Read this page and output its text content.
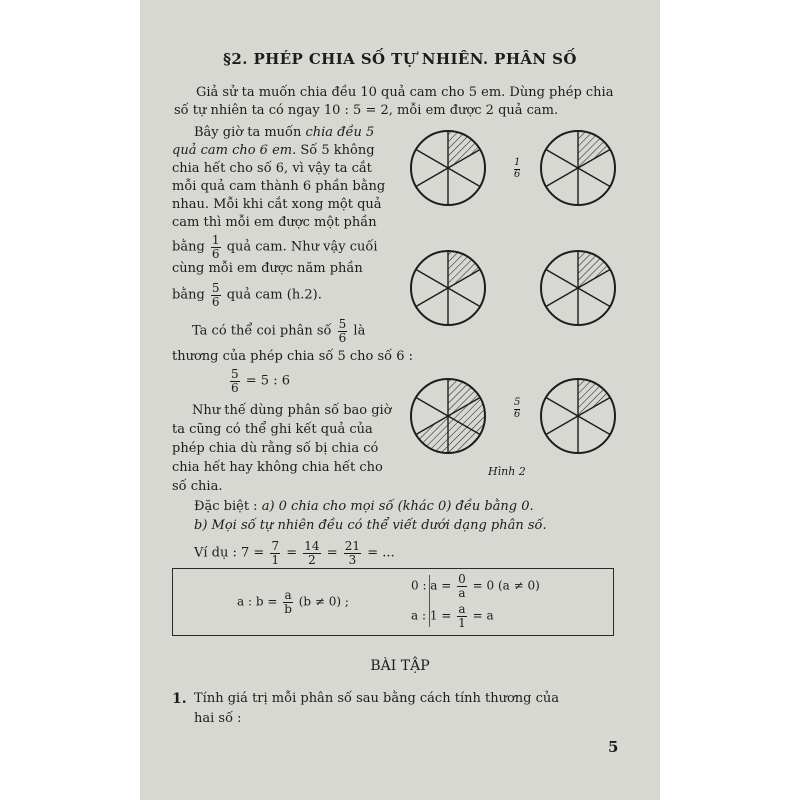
§2. PHÉP CHIA SỐ TỰ NHIÊN. PHÂN SỐ
Giả sử ta muốn chia đều 10 quả cam cho 5 em. Dùng phép chia
số tự nhiên ta có ngay 10 : 5 = 2, mỗi em được 2 quả cam.
Bây giờ ta muốn chia đều 5
quả cam cho 6 em. Số 5 không
chia hết cho số 6, vì vậy ta cắt
mỗi quả cam thành 6 phần bằng
nhau. Mỗi khi cắt xong một quả
cam thì mỗi em được một phần
bằng $\frac{1}{6}$ quả cam. Như vậy cuối
cùng mỗi em được năm phần
bằng $\frac{5}{6}$ quả cam (h.2).
Ta có thể coi phân số $\frac{5}{6}$ là
thương của phép chia số 5 cho số 6 :
$\frac{5}{6} = 5$ : 6
Như thế dùng phân số bao giờ
ta cũng có thể ghi kết quả của
phép chia dù rằng số bị chia có
chia hết hay không chia hết cho
số chia.
Đặc biệt : a) 0 chia cho mọi số (khác 0) đều bằng 0.
b) Mọi số tự nhiên đều có thể viết dưới dạng phân số.
Ví dụ : $7 = \frac{7}{1} = \frac{14}{2} = \frac{21}{3}$ = ...
a : $b = \frac{a}{b} (b \ne 0)$ ;
0 : $a = \frac{0}{a} = 0$ (a ≠ 0)
a : $1 = \frac{a}{1} = a$
1
6
5
6
Hình 2
BÀI TẬP
1. Tính giá trị mỗi phân số sau bằng cách tính thương của
hai số :
5
